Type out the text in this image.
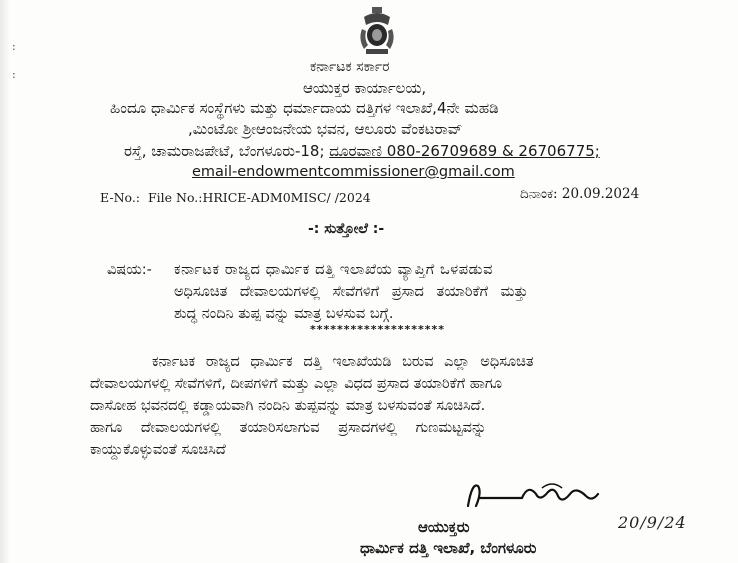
:
:	ಕರ್ನಾಟಕ ಸರ್ಕಾರ
ಆಯುಕ್ತರ ಕಾರ್ಯಾಲಯ,
ಹಿಂದೂ ಧಾರ್ಮಿಕ ಸಂಸ್ಥೆಗಳು ಮತ್ತು ಧರ್ಮಾದಾಯ ದತ್ತಿಗಳ ಇಲಾಖೆ,4ನೇ ಮಹಡಿ
,ಮಿಂಟೋ ಶ್ರೀಆಂಜನೇಯ ಭವನ, ಆಲೂರು ವೆಂಕಟರಾವ್
ರಸ್ತೆ, ಚಾಮರಾಜಪೇಟೆ, ಬೆಂಗಳೂರು-18; ದೂರವಾಣಿ 080-26709689 & 26706775;
email-endowmentcommissioner@gmail.com
E-No.: File No.:HRICE-ADM0MISC/ /2024	ದಿನಾಂಕ: 20.09.2024
-: ಸುತ್ತೋಲೆ :-
ವಿಷಯ:- ಕರ್ನಾಟಕ ರಾಜ್ಯದ ಧಾರ್ಮಿಕ ದತ್ತಿ ಇಲಾಖೆಯ ವ್ಯಾಪ್ತಿಗೆ ಒಳಪಡುವ
ಅಧಿಸೂಚಿತ ದೇವಾಲಯಗಳಲ್ಲಿ ಸೇವೆಗಳಿಗೆ ಪ್ರಸಾದ ತಯಾರಿಕೆಗೆ ಮತ್ತು
ಶುದ್ಧ ನಂದಿನಿ ತುಪ್ಪ ವನ್ನು ಮಾತ್ರ ಬಳಸುವ ಬಗ್ಗೆ.
********************
ಕರ್ನಾಟಕ ರಾಜ್ಯದ ಧಾರ್ಮಿಕ ದತ್ತಿ ಇಲಾಖೆಯಡಿ ಬರುವ ಎಲ್ಲಾ ಅಧಿಸೂಚಿತ
ದೇವಾಲಯಗಳಲ್ಲಿ ಸೇವೆಗಳಿಗೆ, ದೀಪಗಳಿಗೆ ಮತ್ತು ಎಲ್ಲಾ ವಿಧದ ಪ್ರಸಾದ ತಯಾರಿಕೆಗೆ ಹಾಗೂ
ದಾಸೋಹ ಭವನದಲ್ಲಿ ಕಡ್ಡಾಯವಾಗಿ ನಂದಿನಿ ತುಪ್ಪವನ್ನು ಮಾತ್ರ ಬಳಸುವಂತೆ ಸೂಚಿಸಿದೆ.
ಹಾಗೂ ದೇವಾಲಯಗಳಲ್ಲಿ ತಯಾರಿಸಲಾಗುವ ಪ್ರಸಾದಗಳಲ್ಲಿ ಗುಣಮಟ್ಟವನ್ನು
ಕಾಯ್ದುಕೊಳ್ಳುವಂತೆ ಸೂಚಿಸಿದೆ
20/9/24
ಆಯುಕ್ತರು
ಧಾರ್ಮಿಕ ದತ್ತಿ ಇಲಾಖೆ, ಬೆಂಗಳೂರು
